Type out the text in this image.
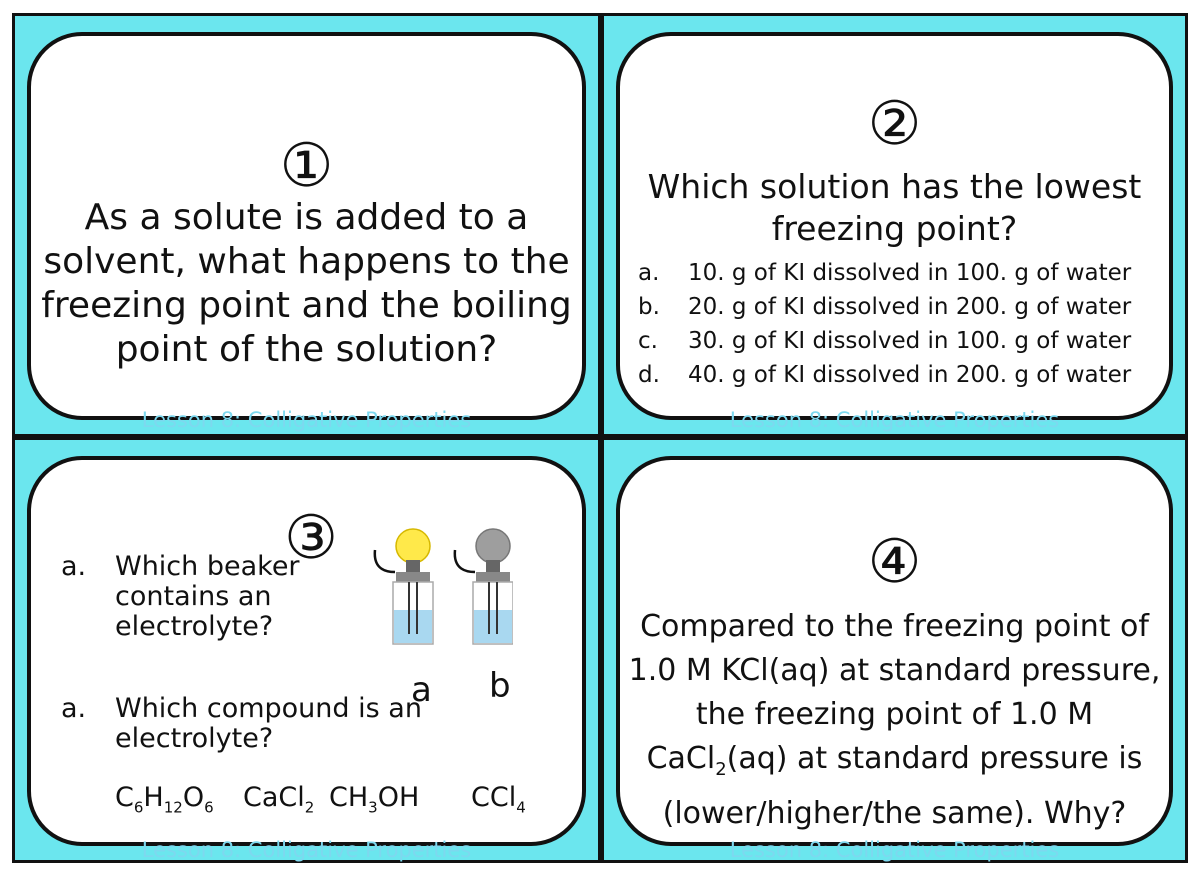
①
As a solute is added to a
solvent, what happens to the
freezing point and the boiling
point of the solution?
Lesson 8: Colligative Properties
②
Which solution has the lowest
freezing point?
a. 10. g of KI dissolved in 100. g of water
b. 20. g of KI dissolved in 200. g of water
c. 30. g of KI dissolved in 100. g of water
d. 40. g of KI dissolved in 200. g of water
Lesson 8: Colligative Properties
③
a. Which beaker
contains an
electrolyte?
a b
a. Which compound is an
electrolyte?
$C_6H_{12}O_6$ CaCl$_2$ $CH_3OH$ CCl$_4$
Lesson 8: Colligative Properties
④
Compared to the freezing point of
1.0 M KCl(aq) at standard pressure,
the freezing point of 1.0 M
CaCl$_2$(aq) at standard pressure is
(lower/higher/the same). Why?
Lesson 8: Colligative Properties
